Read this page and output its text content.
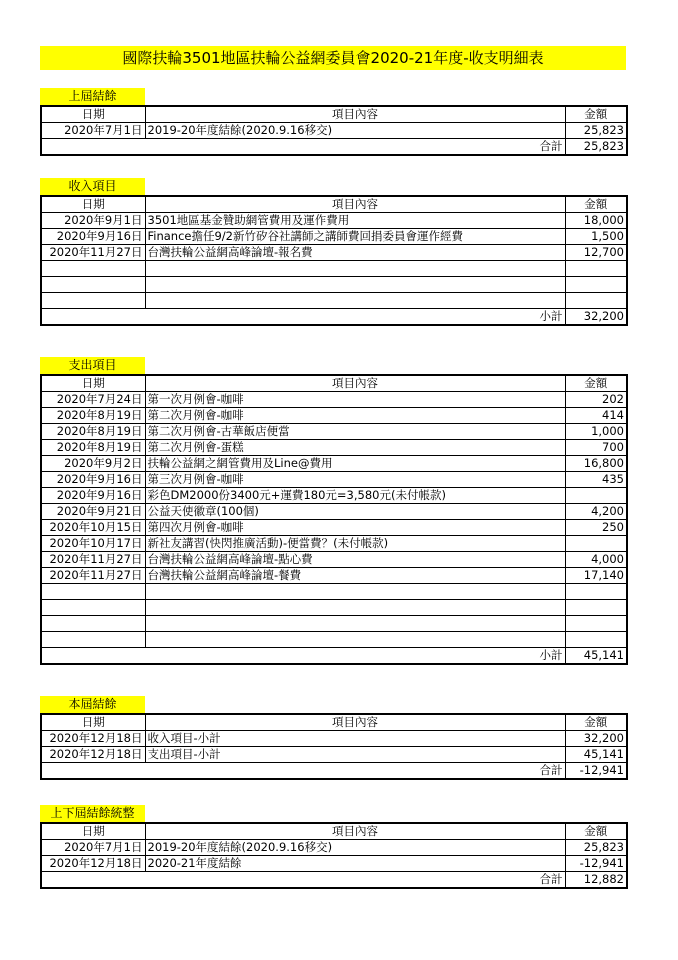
國際扶輪3501地區扶輪公益網委員會2020-21年度-收支明細表
上屆結餘
日期	項目內容	金額
2020年7月1日	2019-20年度結餘(2020.9.16移交)	25,823
合計		25,823
收入項目
日期	項目內容	金額
2020年9月1日	3501地區基金贊助網管費用及運作費用	18,000
2020年9月16日	Finance擔任9/2新竹矽谷社講師之講師費回捐委員會運作經費	1,500
2020年11月27日	台灣扶輪公益網高峰論壇-報名費	12,700

小計		32,200
支出項目
日期	項目內容	金額
2020年7月24日	第一次月例會-咖啡	202
2020年8月19日	第二次月例會-咖啡	414
2020年8月19日	第二次月例會-古華飯店便當	1,000
2020年8月19日	第二次月例會-蛋糕	700
2020年9月2日	扶輪公益網之網管費用及Line@費用	16,800
2020年9月16日	第三次月例會-咖啡	435
2020年9月16日	彩色DM2000份3400元+運費180元=3,580元(未付帳款)	
2020年9月21日	公益天使徽章(100個)	4,200
2020年10月15日	第四次月例會-咖啡	250
2020年10月17日	新社友講習(快閃推廣活動)-便當費？(未付帳款)	
2020年11月27日	台灣扶輪公益網高峰論壇-點心費	4,000
2020年11月27日	台灣扶輪公益網高峰論壇-餐費	17,140

小計		45,141
本屆結餘
日期	項目內容	金額
2020年12月18日	收入項目-小計	32,200
2020年12月18日	支出項目-小計	45,141
合計		-12,941
上下屆結餘統整
日期	項目內容	金額
2020年7月1日	2019-20年度結餘(2020.9.16移交)	25,823
2020年12月18日	2020-21年度結餘	-12,941
合計		12,882
